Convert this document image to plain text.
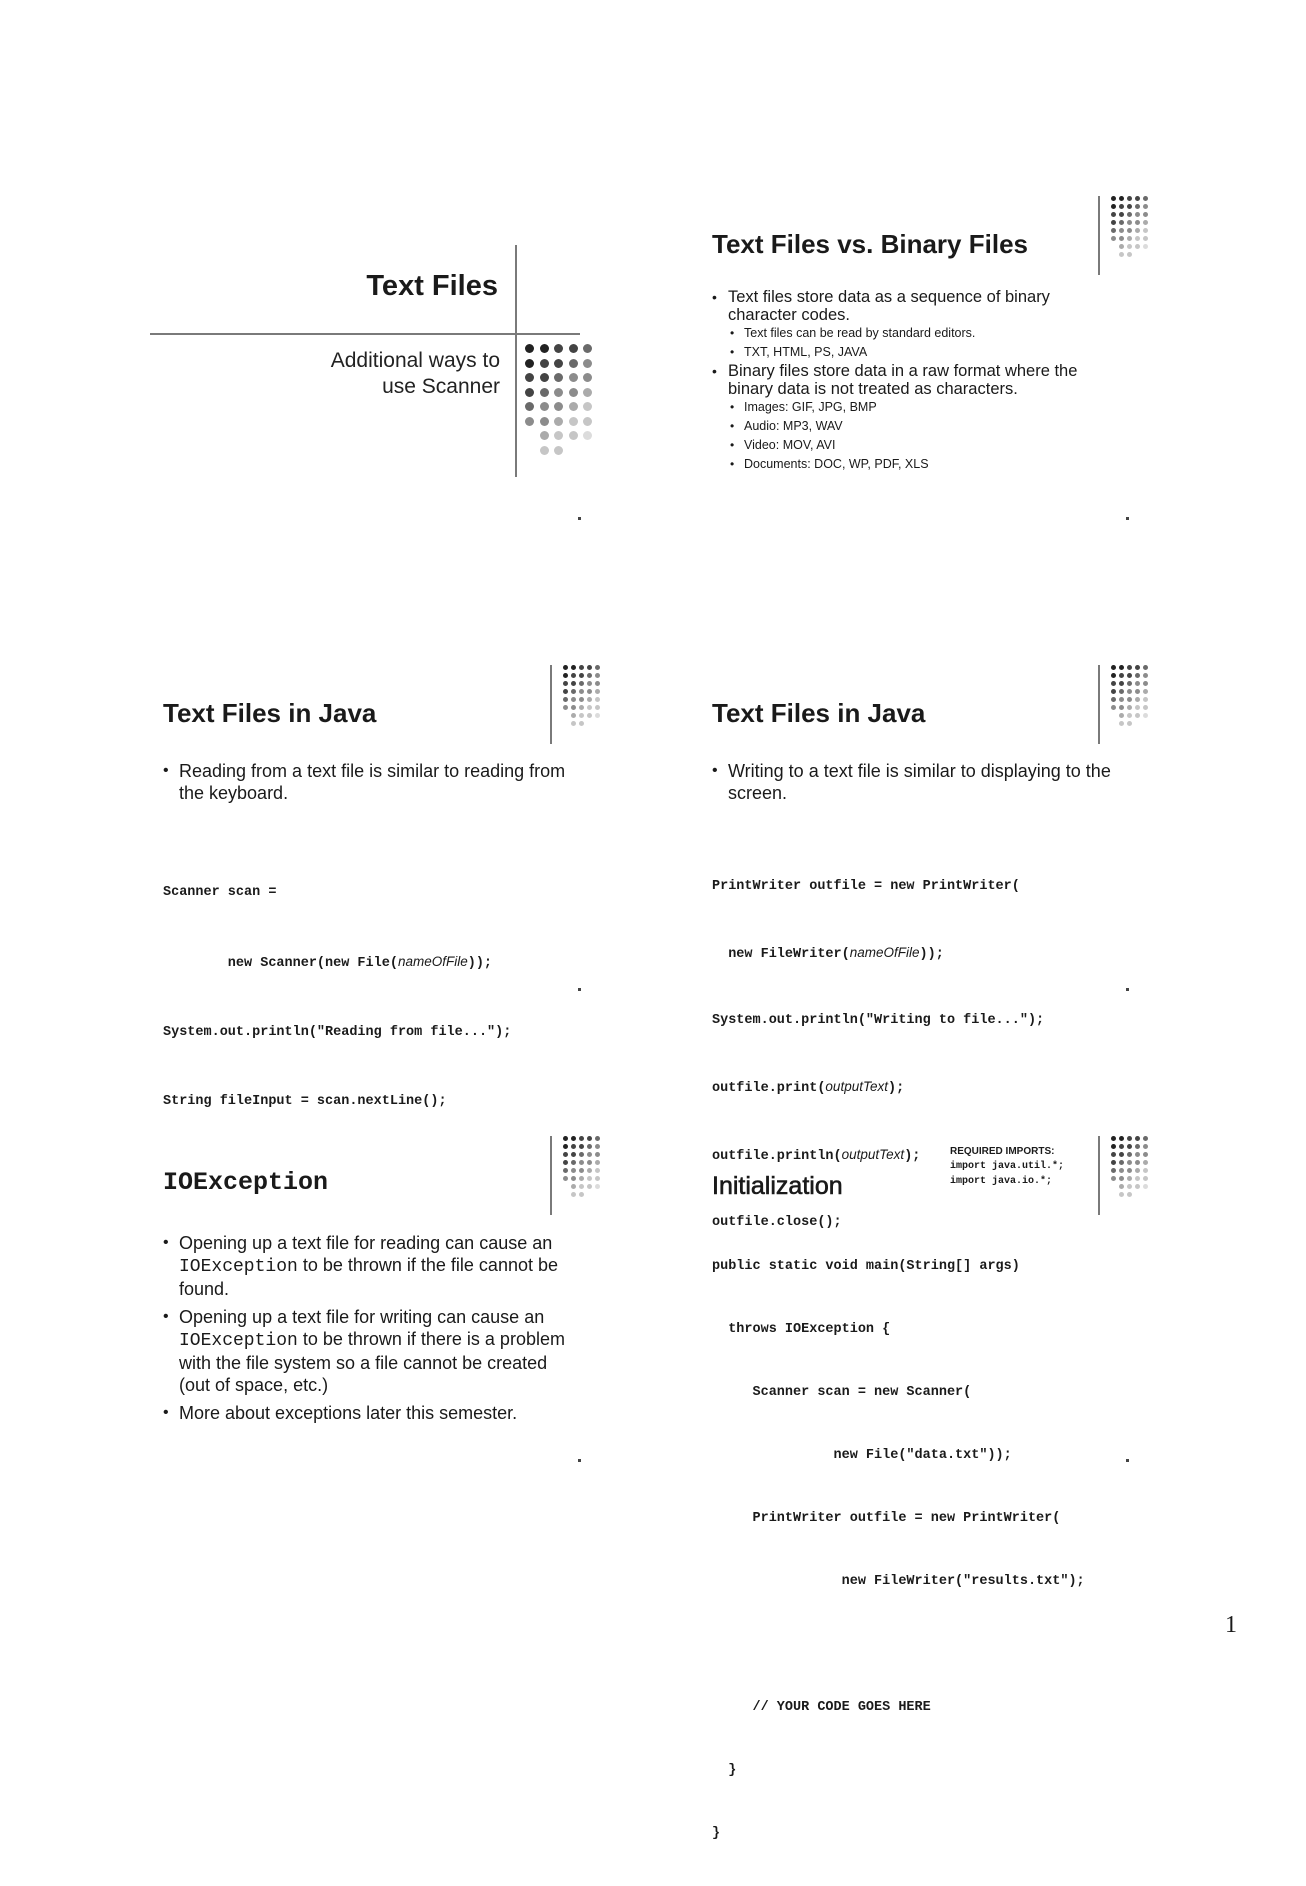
Text Files
Additional ways to
use Scanner
Text Files vs. Binary Files
• Text files store data as a sequence of binary character codes.
• Text files can be read by standard editors.
• TXT, HTML, PS, JAVA
• Binary files store data in a raw format where the binary data is not treated as characters.
• Images: GIF, JPG, BMP
• Audio: MP3, WAV
• Video: MOV, AVI
• Documents: DOC, WP, PDF, XLS
Text Files in Java
• Reading from a text file is similar to reading from the keyboard.

Scanner scan =

new Scanner(new File(nameOfFile));

System.out.println("Reading from file...");

String fileInput = scan.nextLine();

Text Files in Java
• Writing to a text file is similar to displaying to the screen.

PrintWriter outfile = new PrintWriter(

new FileWriter(nameOfFile));

System.out.println("Writing to file...");

outfile.print(outputText);

outfile.println(outputText);

outfile.close();

IOException
• Opening up a text file for reading can cause an IOException to be thrown if the file cannot be found.
• Opening up a text file for writing can cause an IOException to be thrown if there is a problem with the file system so a file cannot be created (out of space, etc.)
• More about exceptions later this semester.
Initialization
REQUIRED IMPORTS:
import java.util.*;
import java.io.*;

public static void main(String[] args)

throws IOException {

Scanner scan = new Scanner(

new File("data.txt"));

PrintWriter outfile = new PrintWriter(

new FileWriter("results.txt");

// YOUR CODE GOES HERE

}

}

1
